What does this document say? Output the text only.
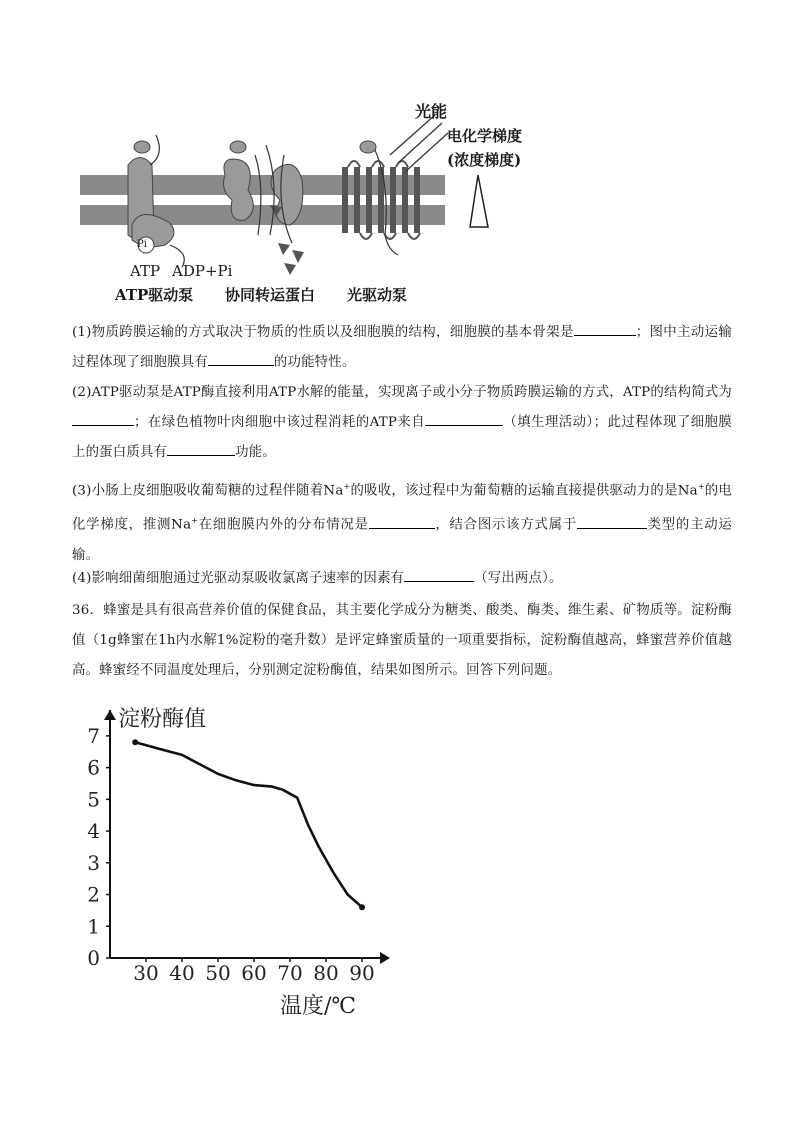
光能
电化学梯度
(浓度梯度)
Pi
ATP ADP+Pi
ATP驱动泵 协同转运蛋白 光驱动泵
(1)物质跨膜运输的方式取决于物质的性质以及细胞膜的结构，细胞膜的基本骨架是	；图中主动运输过程体现了细胞膜具有	的功能特性。
(2)ATP驱动泵是ATP酶直接利用ATP水解的能量，实现离子或小分子物质跨膜运输的方式，ATP的结构简式为；在绿色植物叶肉细胞中该过程消耗的ATP来自	（填生理活动）；此过程体现了细胞膜上的蛋白质具有	功能。
(3)小肠上皮细胞吸收葡萄糖的过程伴随着Na+的吸收，该过程中为葡萄糖的运输直接提供驱动力的是Na+的电化学梯度，推测Na+在细胞膜内外的分布情况是	，结合图示该方式属于	类型的主动运输。
(4)影响细菌细胞通过光驱动泵吸收氯离子速率的因素有	（写出两点）。
36．蜂蜜是具有很高营养价值的保健食品，其主要化学成分为糖类、酸类、酶类、维生素、矿物质等。淀粉酶值（1g蜂蜜在1h内水解1%淀粉的毫升数）是评定蜂蜜质量的一项重要指标，淀粉酶值越高，蜂蜜营养价值越高。蜂蜜经不同温度处理后，分别测定淀粉酶值，结果如图所示。回答下列问题。
30 40 50 60 70 80 90
0
1
2
3
4
5
6
7
淀粉酶值
温度/℃
